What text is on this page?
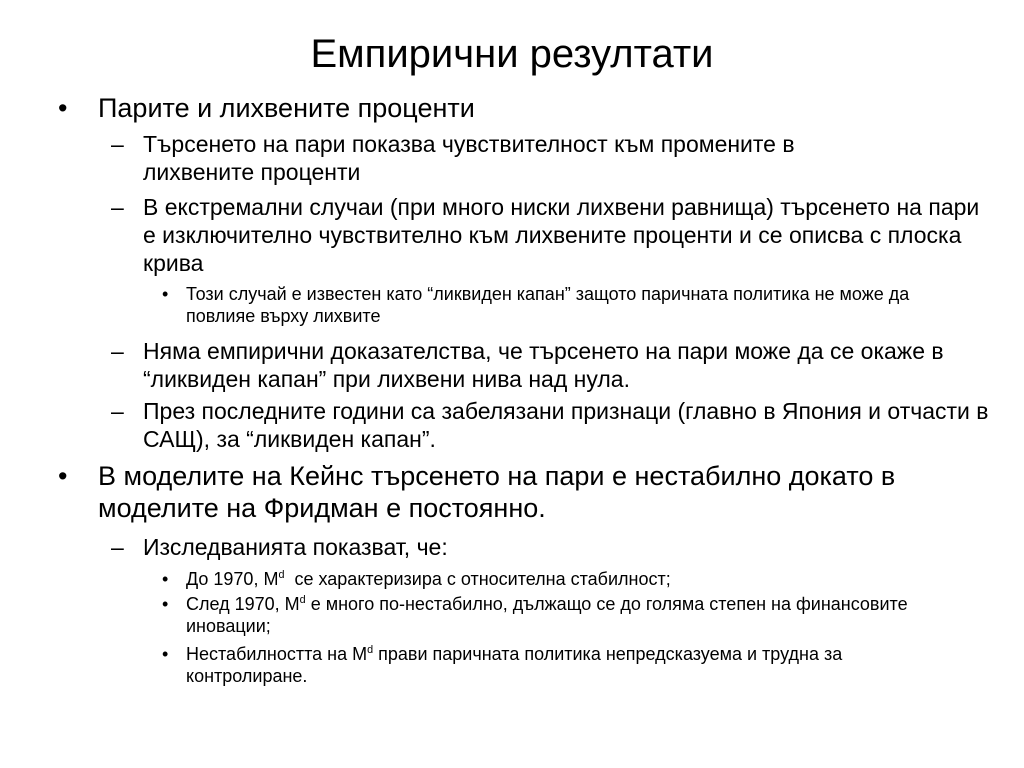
Емпирични резултати
• Парите и лихвените проценти

– Търсенето на пари показва чувствителност към промените в лихвените проценти

– В екстремални случаи (при много ниски лихвени равнища) търсенето на пари е изключително чувствително към лихвените проценти и се описва с плоска крива

• Този случай е известен като “ликвиден капан” защото паричната политика не може да повлияе върху лихвите

– Няма емпирични доказателства, че търсенето на пари може да се окаже в “ликвиден капан” при лихвени нива над нула.

– През последните години са забелязани признаци (главно в Япония и отчасти в САЩ), за “ликвиден капан”.

• В моделите на Кейнс търсенето на пари е нестабилно докато в моделите на Фридман е постоянно.

– Изследванията показват, че:

• До 1970, $M^d$  се характеризира с относителна стабилност;

• След 1970, $M^d$ е много по-нестабилно, дължащо се до голяма степен на финансовите иновации;

• Нестабилността на $M^d$ прави паричната политика непредсказуема и трудна за контролиране.
